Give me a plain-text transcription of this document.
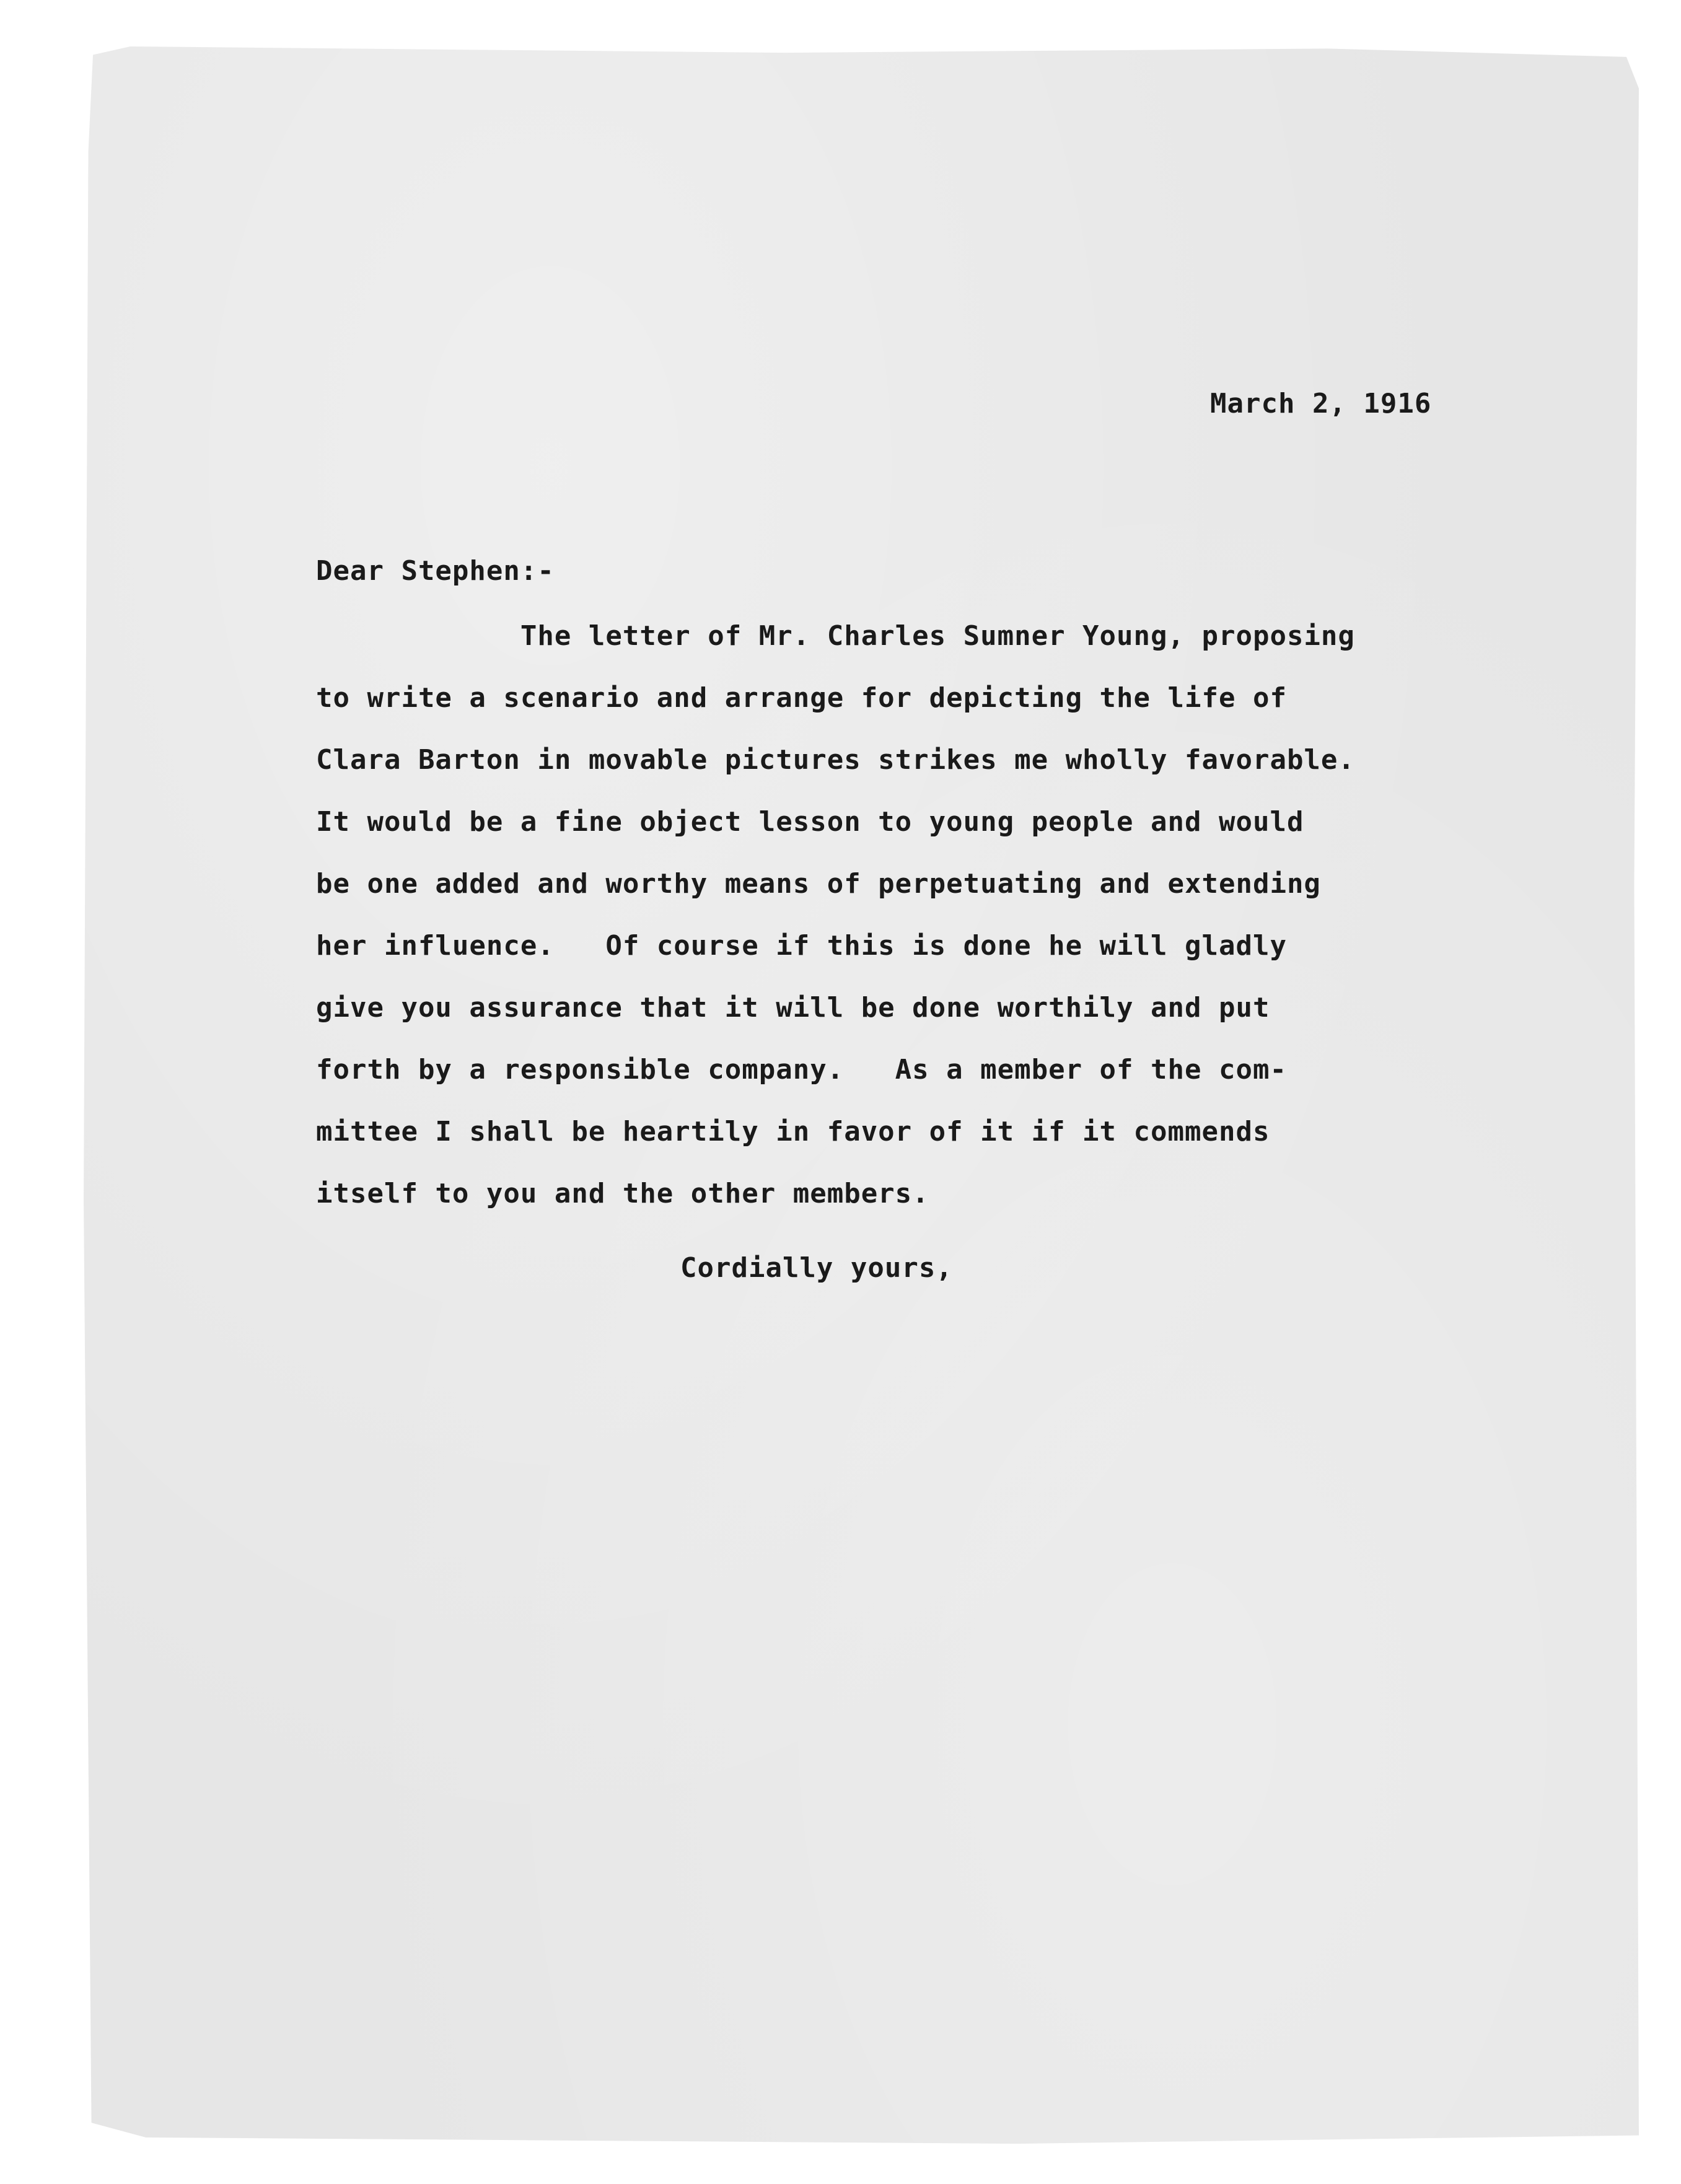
March 2, 1916
Dear Stephen:-
The letter of Mr. Charles Sumner Young, proposing
to write a scenario and arrange for depicting the life of
Clara Barton in movable pictures strikes me wholly favorable.
It would be a fine object lesson to young people and would
be one added and worthy means of perpetuating and extending
her influence.   Of course if this is done he will gladly
give you assurance that it will be done worthily and put
forth by a responsible company.   As a member of the com-
mittee I shall be heartily in favor of it if it commends
itself to you and the other members.
Cordially yours,
